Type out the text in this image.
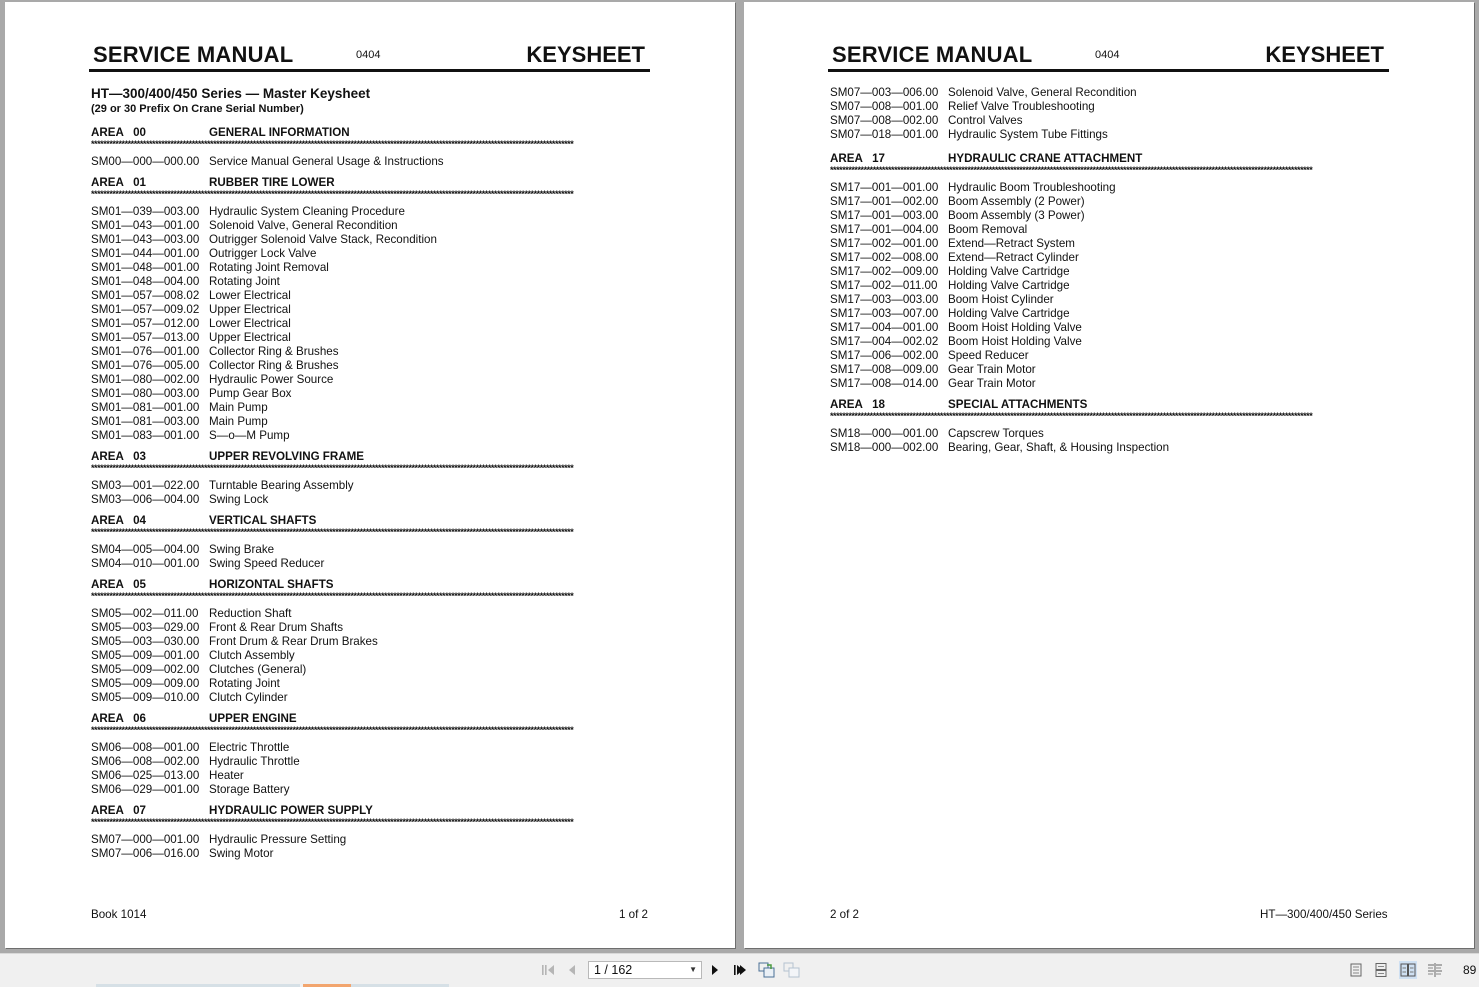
SERVICE MANUAL	0404	KEYSHEET
HT—300/400/450 Series — Master Keysheet
(29 or 30 Prefix On Crane Serial Number)
AREA   00	GENERAL INFORMATION
**************************************************************************************************************************************************************
SM00—000—000.00 Service Manual General Usage & Instructions
AREA   01	RUBBER TIRE LOWER
**************************************************************************************************************************************************************
SM01—039—003.00 Hydraulic System Cleaning Procedure
SM01—043—001.00 Solenoid Valve, General Recondition
SM01—043—003.00 Outrigger Solenoid Valve Stack, Recondition
SM01—044—001.00 Outrigger Lock Valve
SM01—048—001.00 Rotating Joint Removal
SM01—048—004.00 Rotating Joint
SM01—057—008.02 Lower Electrical
SM01—057—009.02 Upper Electrical
SM01—057—012.00 Lower Electrical
SM01—057—013.00 Upper Electrical
SM01—076—001.00 Collector Ring & Brushes
SM01—076—005.00 Collector Ring & Brushes
SM01—080—002.00 Hydraulic Power Source
SM01—080—003.00 Pump Gear Box
SM01—081—001.00 Main Pump
SM01—081—003.00 Main Pump
SM01—083—001.00 S—o—M Pump
AREA   03	UPPER REVOLVING FRAME
**************************************************************************************************************************************************************
SM03—001—022.00 Turntable Bearing Assembly
SM03—006—004.00 Swing Lock
AREA   04	VERTICAL SHAFTS
**************************************************************************************************************************************************************
SM04—005—004.00 Swing Brake
SM04—010—001.00 Swing Speed Reducer
AREA   05	HORIZONTAL SHAFTS
**************************************************************************************************************************************************************
SM05—002—011.00 Reduction Shaft
SM05—003—029.00 Front & Rear Drum Shafts
SM05—003—030.00 Front Drum & Rear Drum Brakes
SM05—009—001.00 Clutch Assembly
SM05—009—002.00 Clutches (General)
SM05—009—009.00 Rotating Joint
SM05—009—010.00 Clutch Cylinder
AREA   06	UPPER ENGINE
**************************************************************************************************************************************************************
SM06—008—001.00 Electric Throttle
SM06—008—002.00 Hydraulic Throttle
SM06—025—013.00 Heater
SM06—029—001.00 Storage Battery
AREA   07	HYDRAULIC POWER SUPPLY
**************************************************************************************************************************************************************
SM07—000—001.00 Hydraulic Pressure Setting
SM07—006—016.00 Swing Motor
Book 1014	1 of 2
SERVICE MANUAL	0404	KEYSHEET
SM07—003—006.00 Solenoid Valve, General Recondition
SM07—008—001.00 Relief Valve Troubleshooting
SM07—008—002.00 Control Valves
SM07—018—001.00 Hydraulic System Tube Fittings
AREA   17	HYDRAULIC CRANE ATTACHMENT
**************************************************************************************************************************************************************
SM17—001—001.00 Hydraulic Boom Troubleshooting
SM17—001—002.00 Boom Assembly (2 Power)
SM17—001—003.00 Boom Assembly (3 Power)
SM17—001—004.00 Boom Removal
SM17—002—001.00 Extend—Retract System
SM17—002—008.00 Extend—Retract Cylinder
SM17—002—009.00 Holding Valve Cartridge
SM17—002—011.00 Holding Valve Cartridge
SM17—003—003.00 Boom Hoist Cylinder
SM17—003—007.00 Holding Valve Cartridge
SM17—004—001.00 Boom Hoist Holding Valve
SM17—004—002.02 Boom Hoist Holding Valve
SM17—006—002.00 Speed Reducer
SM17—008—009.00 Gear Train Motor
SM17—008—014.00 Gear Train Motor
AREA   18	SPECIAL ATTACHMENTS
**************************************************************************************************************************************************************
SM18—000—001.00 Capscrew Torques
SM18—000—002.00 Bearing, Gear, Shaft, & Housing Inspection
2 of 2	HT—300/400/450 Series
1 / 162	▼	89
